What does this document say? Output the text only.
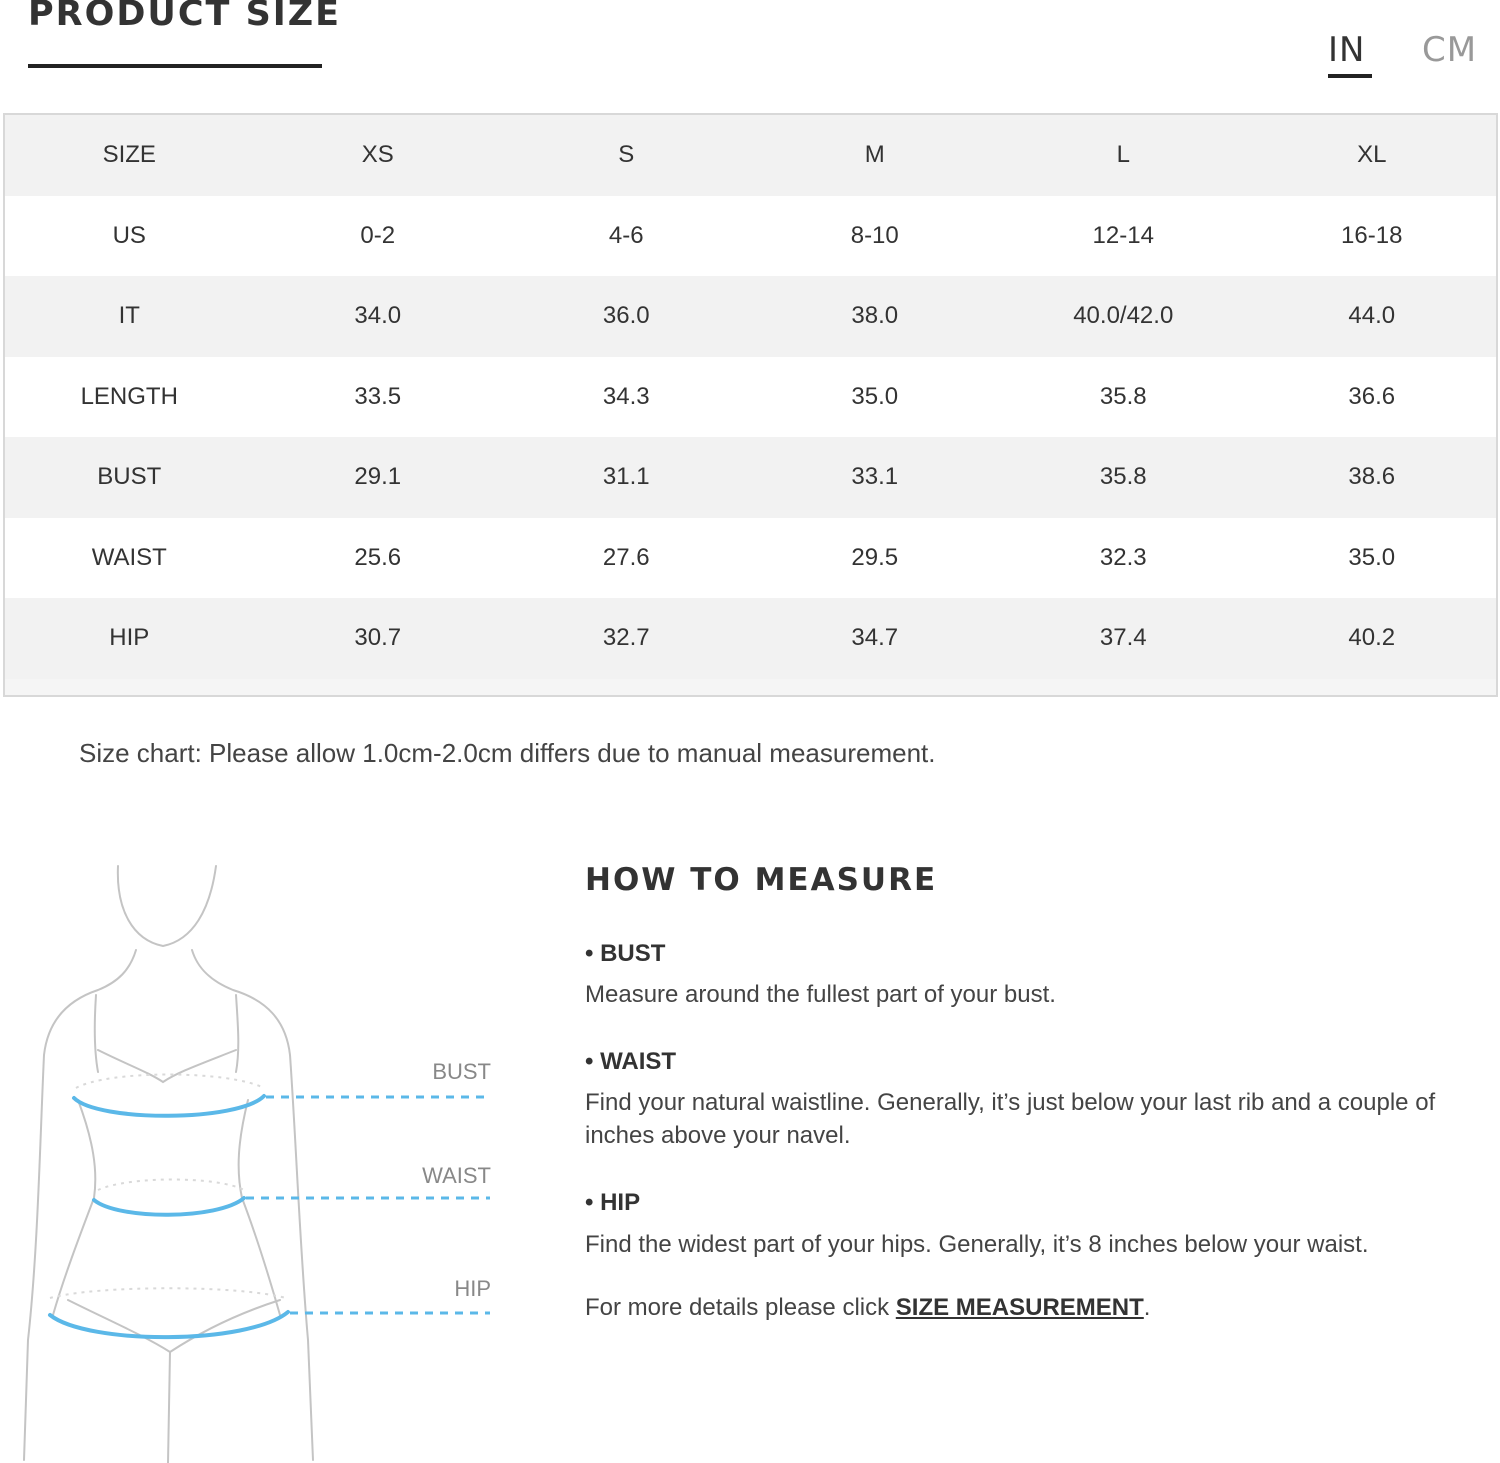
PRODUCT SIZE
IN CM
SIZE	XS	S	M	L	XL
US	0-2	4-6	8-10	12-14	16-18
IT	34.0	36.0	38.0	40.0/42.0	44.0
LENGTH	33.5	34.3	35.0	35.8	36.6
BUST	29.1	31.1	33.1	35.8	38.6
WAIST	25.6	27.6	29.5	32.3	35.0
HIP	30.7	32.7	34.7	37.4	40.2
Size chart: Please allow 1.0cm-2.0cm differs due to manual measurement.
BUST
WAIST
HIP
HOW TO MEASURE
• BUST
Measure around the fullest part of your bust.
• WAIST
Find your natural waistline. Generally, it’s just below your last rib and a couple of inches above your navel.
• HIP
Find the widest part of your hips. Generally, it’s 8 inches below your waist.
For more details please click SIZE MEASUREMENT.
